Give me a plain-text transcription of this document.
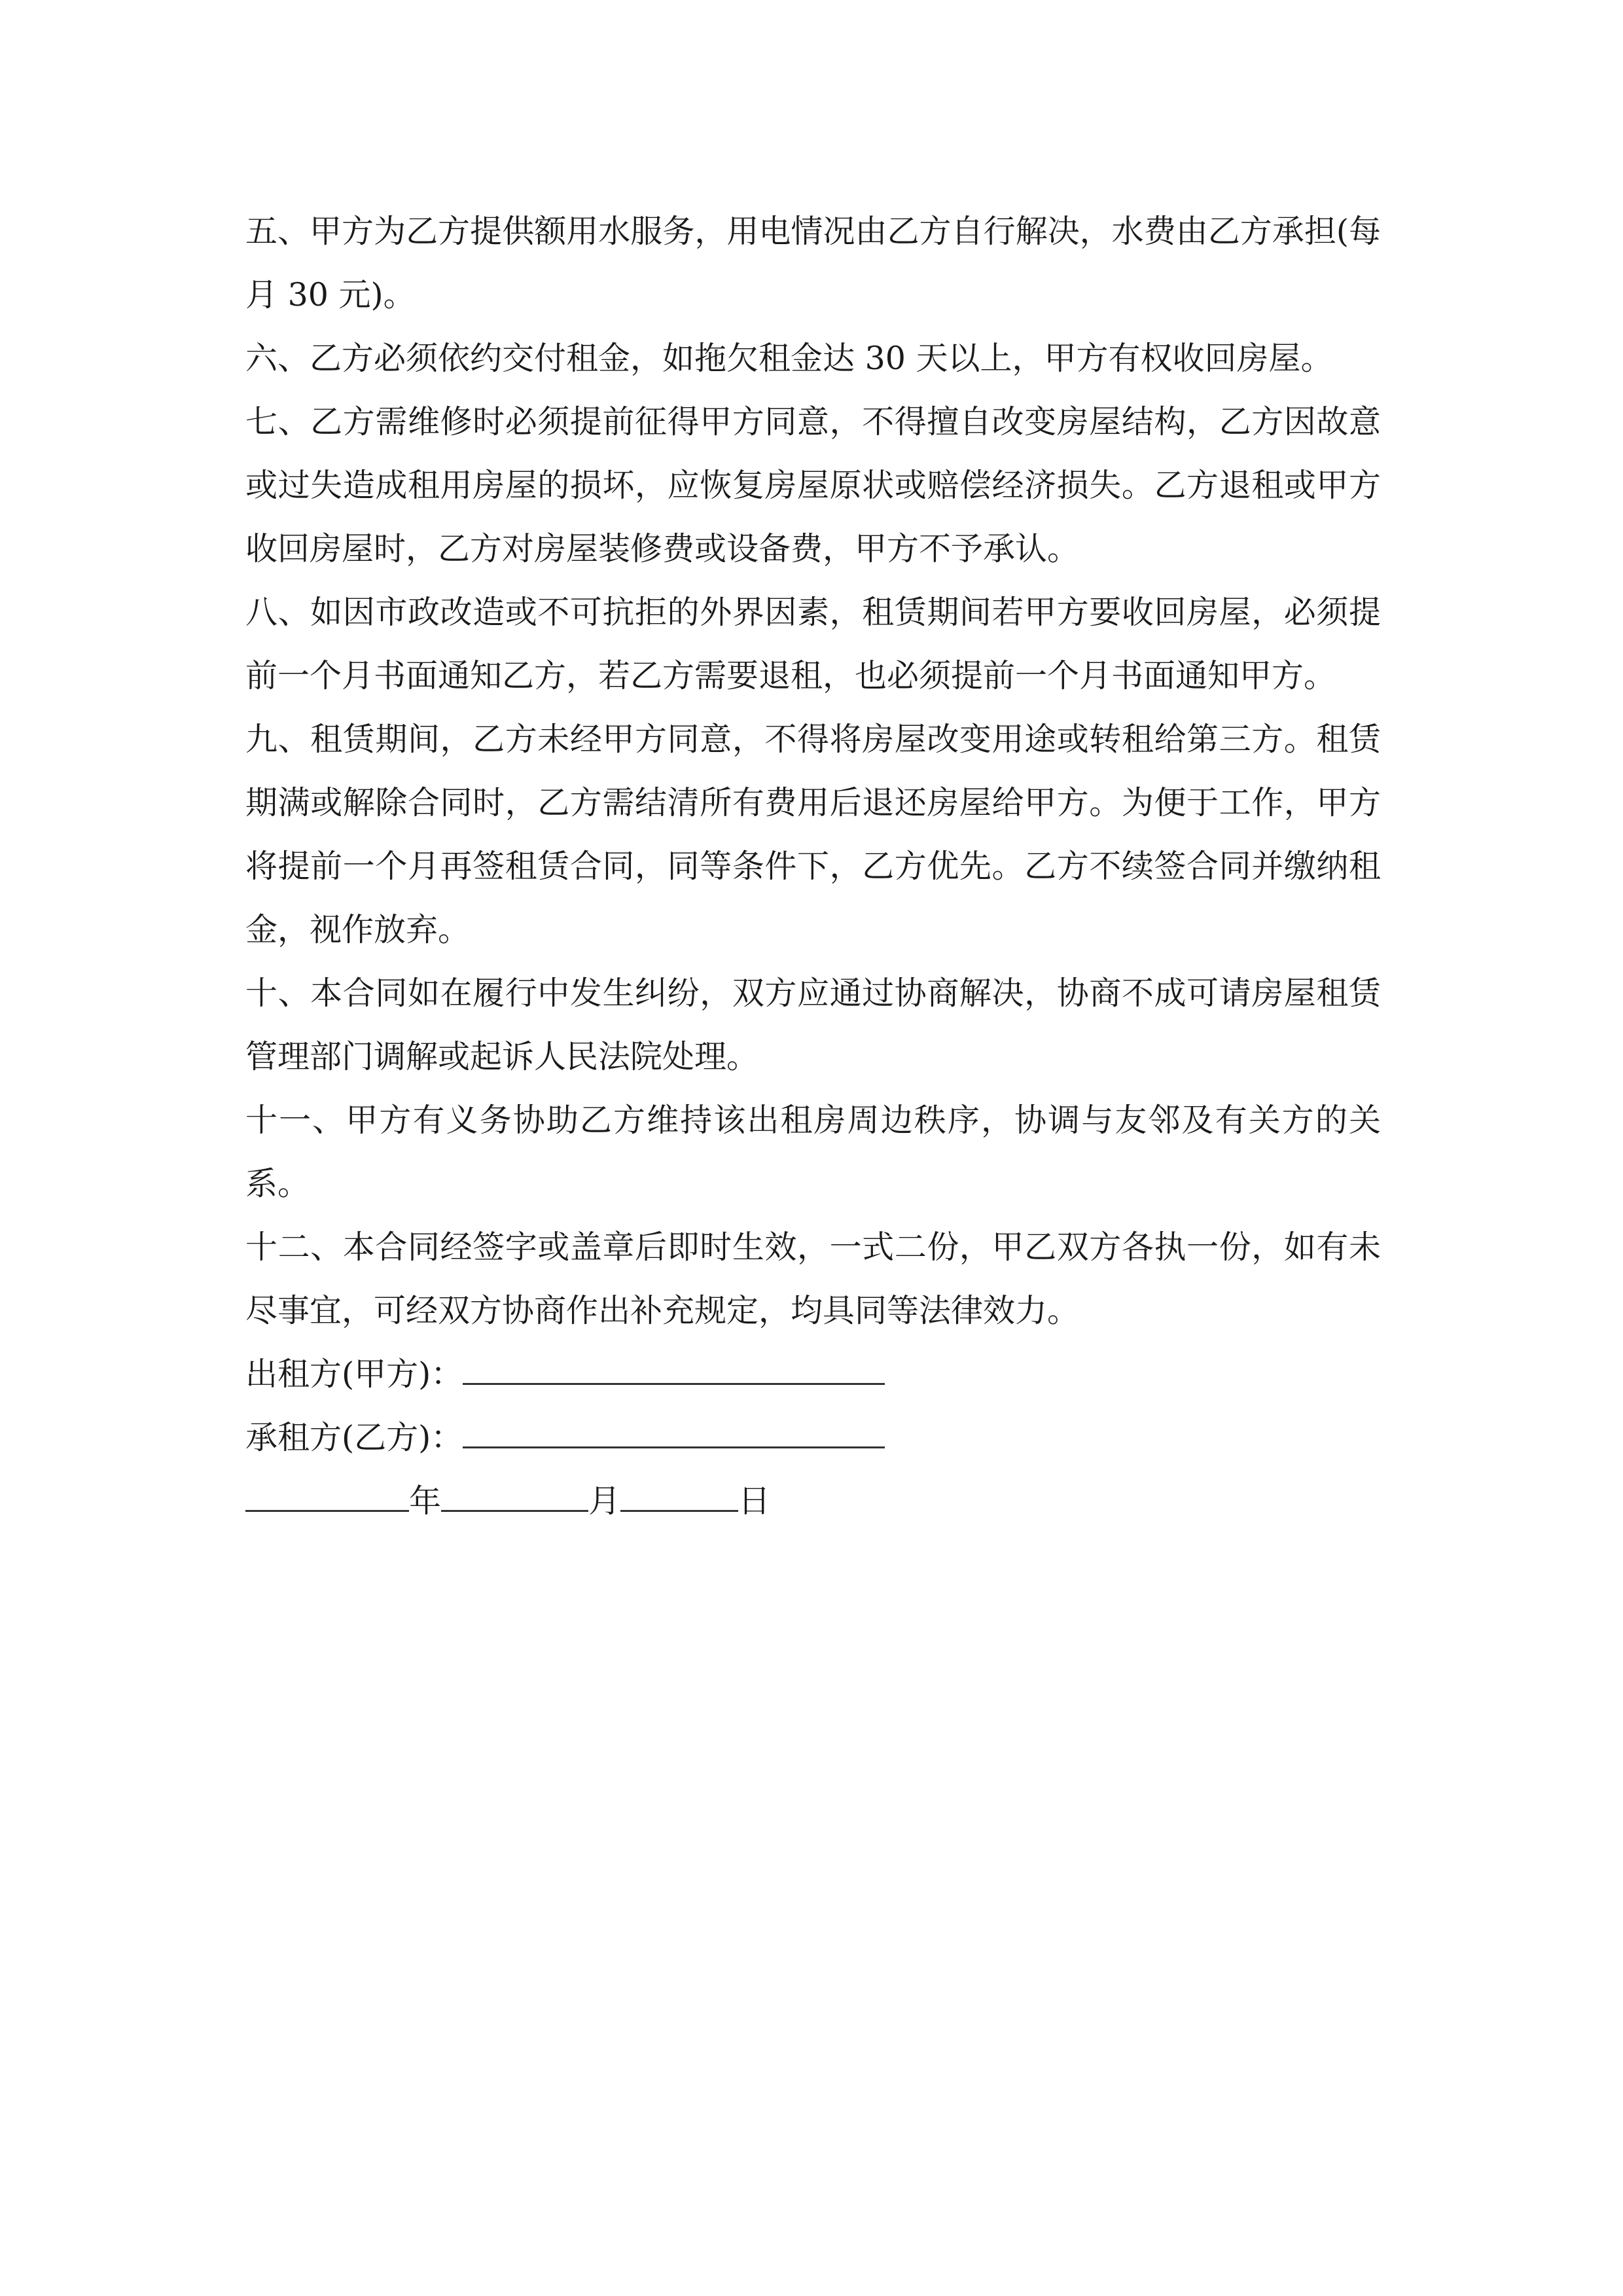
五、甲方为乙方提供额用水服务，用电情况由乙方自行解决，水费由乙方承担(每月 30 元)。

六、乙方必须依约交付租金，如拖欠租金达 30 天以上，甲方有权收回房屋。

七、乙方需维修时必须提前征得甲方同意，不得擅自改变房屋结构，乙方因故意或过失造成租用房屋的损坏，应恢复房屋原状或赔偿经济损失。乙方退租或甲方收回房屋时，乙方对房屋装修费或设备费，甲方不予承认。

八、如因市政改造或不可抗拒的外界因素，租赁期间若甲方要收回房屋，必须提前一个月书面通知乙方，若乙方需要退租，也必须提前一个月书面通知甲方。

九、租赁期间，乙方未经甲方同意，不得将房屋改变用途或转租给第三方。租赁期满或解除合同时，乙方需结清所有费用后退还房屋给甲方。为便于工作，甲方将提前一个月再签租赁合同，同等条件下，乙方优先。乙方不续签合同并缴纳租金，视作放弃。

十、本合同如在履行中发生纠纷，双方应通过协商解决，协商不成可请房屋租赁管理部门调解或起诉人民法院处理。

十一、甲方有义务协助乙方维持该出租房周边秩序，协调与友邻及有关方的关系。

十二、本合同经签字或盖章后即时生效，一式二份，甲乙双方各执一份，如有未尽事宜，可经双方协商作出补充规定，均具同等法律效力。

出租方(甲方)：
承租方(乙方)：
年	月	日
